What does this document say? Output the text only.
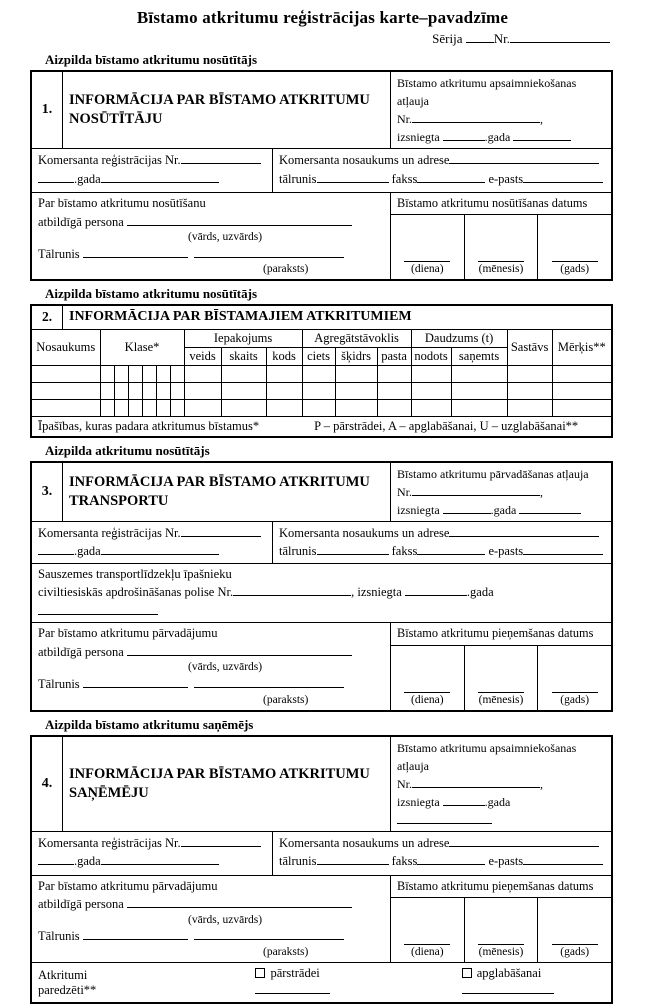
Bīstamo atkritumu reģistrācijas karte–pavadzīme
Sērija Nr.
Aizpilda bīstamo atkritumu nosūtītājs
1.
INFORMĀCIJA PAR BĪSTAMO ATKRITUMU NOSŪTĪTĀJU
Bīstamo atkritumu apsaimniekošanas atļauja
Nr.	,
izsniegta	.gada
Komersanta reģistrācijas Nr.
.gada
Komersanta nosaukums un adrese
tālrunis	fakss	e-pasts
Par bīstamo atkritumu nosūtīšanu
atbildīgā persona
(vārds, uzvārds)
Tālrunis
(paraksts)
Bīstamo atkritumu nosūtīšanas datums
(diena)	(mēnesis)	(gads)
Aizpilda bīstamo atkritumu nosūtītājs
2.	INFORMĀCIJA PAR BĪSTAMAJIEM ATKRITUMIEM
Nosaukums	Klase*						Iepakojums			Agregātstāvoklis			Daudzums (t)		Sastāvs	Mērķis**
							veids	skaits	kods	ciets	šķidrs	pasta	nodots	saņemts		

Īpašības, kuras padara atkritumus bīstamus*	P – pārstrādei, A – apglabāšanai, U – uzglabāšanai**
Aizpilda atkritumu nosūtītājs
3.
INFORMĀCIJA PAR BĪSTAMO ATKRITUMU TRANSPORTU
Bīstamo atkritumu pārvadāšanas atļauja
Nr.	,
izsniegta	.gada
Komersanta reģistrācijas Nr.
.gada
Komersanta nosaukums un adrese
tālrunis	fakss	e-pasts
Sauszemes transportlīdzekļu īpašnieku
civiltiesiskās apdrošināšanas polise Nr.	, izsniegta	.gada
Par bīstamo atkritumu pārvadājumu
atbildīgā persona
(vārds, uzvārds)
Tālrunis
(paraksts)
Bīstamo atkritumu pieņemšanas datums
(diena)	(mēnesis)	(gads)
Aizpilda bīstamo atkritumu saņēmējs
4.
INFORMĀCIJA PAR BĪSTAMO ATKRITUMU SAŅĒMĒJU
Bīstamo atkritumu apsaimniekošanas atļauja
Nr.	,
izsniegta	.gada
Komersanta reģistrācijas Nr.
.gada
Komersanta nosaukums un adrese
tālrunis	fakss	e-pasts
Par bīstamo atkritumu pārvadājumu
atbildīgā persona
(vārds, uzvārds)
Tālrunis
(paraksts)
Bīstamo atkritumu pieņemšanas datums
(diena)	(mēnesis)	(gads)
Atkritumi paredzēti**
pārstrādei	apglabāšanai
